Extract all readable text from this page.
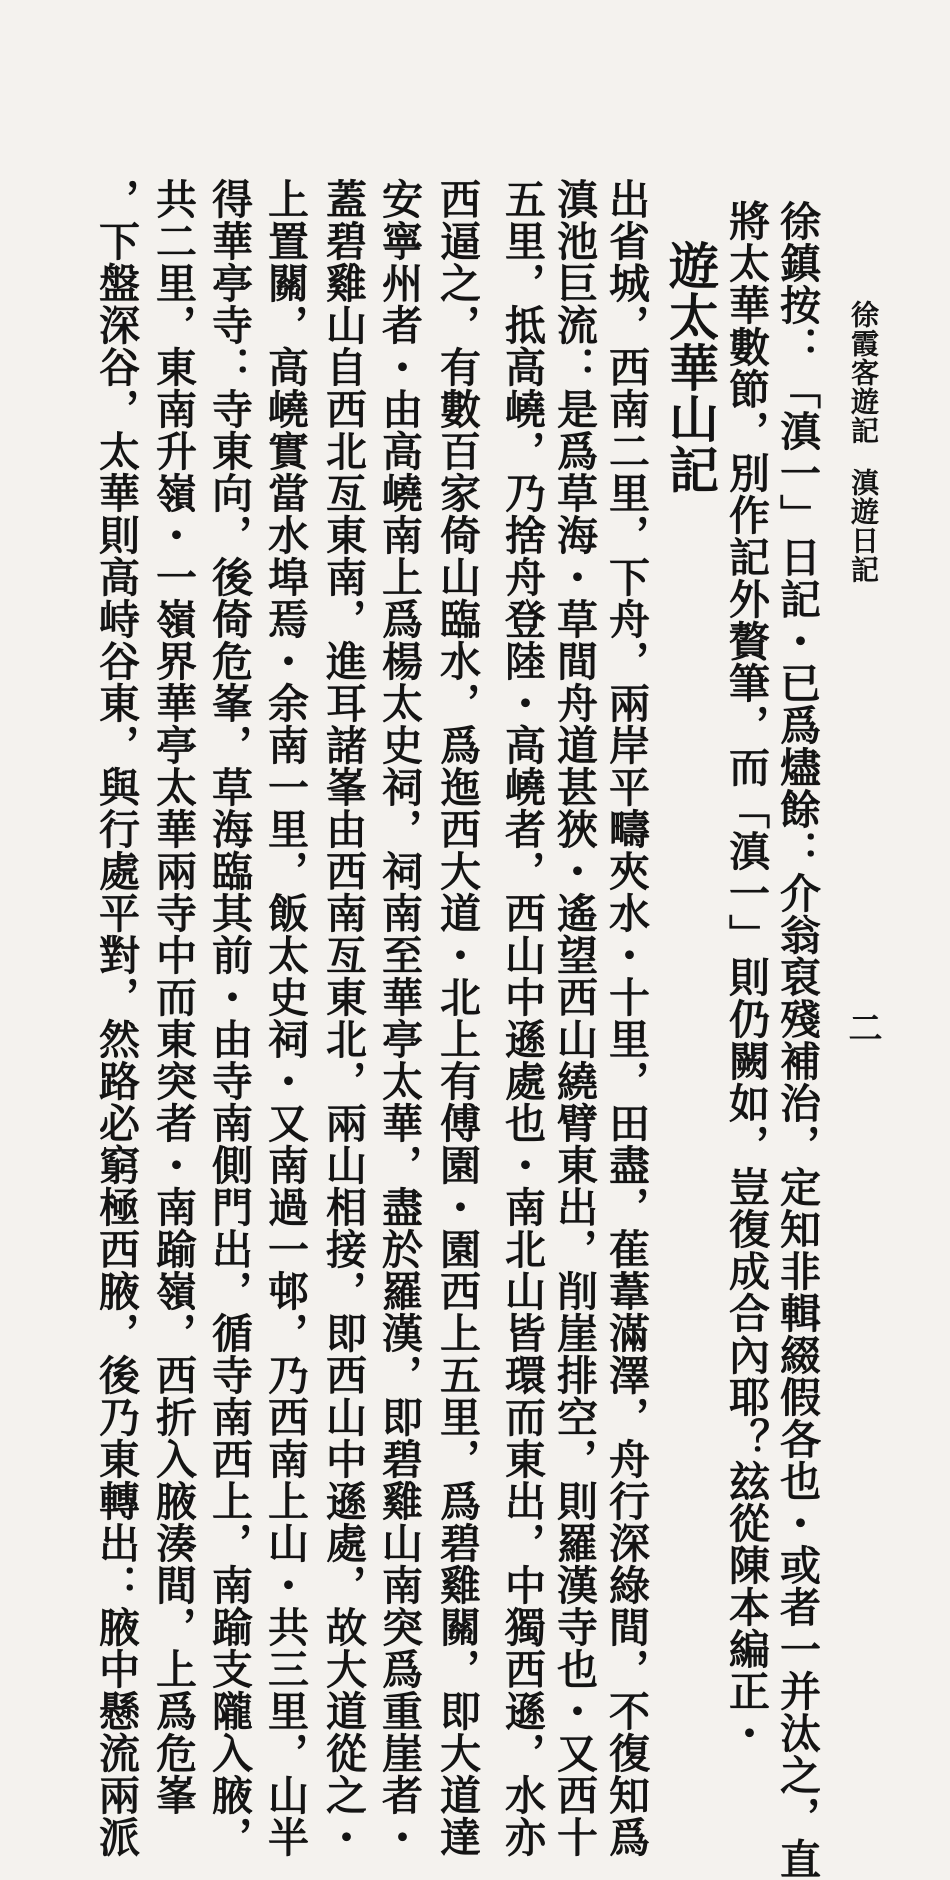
徐霞客遊記
滇遊日記
二
徐鎮按：「滇一」日記・已爲燼餘：介翁裒殘補治，定知非輯綴假各也・或者一并汰之，直
將太華數節，別作記外贅筆，而「滇一」則仍闕如，豈復成合內耶？玆從陳本編正・
遊太華山記
出省城，西南二里，下舟，兩岸平疇夾水・十里，田盡，萑葦滿澤，舟行深綠間，不復知爲
滇池巨流：是爲草海・草間舟道甚狹・遙望西山繞臂東出，削崖排空，則羅漢寺也・又西十
五里，抵高嶢，乃捨舟登陸・高嶢者，西山中遜處也・南北山皆環而東出，中獨西遜，水亦
西逼之，有數百家倚山臨水，爲迤西大道・北上有傅園・園西上五里，爲碧雞關，即大道達
安寧州者・由高嶢南上爲楊太史祠，祠南至華亭太華，盡於羅漢，即碧雞山南突爲重崖者・
蓋碧雞山自西北亙東南，進耳諸峯由西南亙東北，兩山相接，即西山中遜處，故大道從之・
上置關，高嶢實當水埠焉・余南一里，飯太史祠・又南過一邨，乃西南上山・共三里，山半
得華亭寺：寺東向，後倚危峯，草海臨其前・由寺南側門出，循寺南西上，南踰支隴入腋，
共二里，東南升嶺・一嶺界華亭太華兩寺中而東突者・南踰嶺，西折入腋湊間，上爲危峯
，下盤深谷，太華則高峙谷東，與行處平對，然路必窮極西腋，後乃東轉出：腋中懸流兩派
